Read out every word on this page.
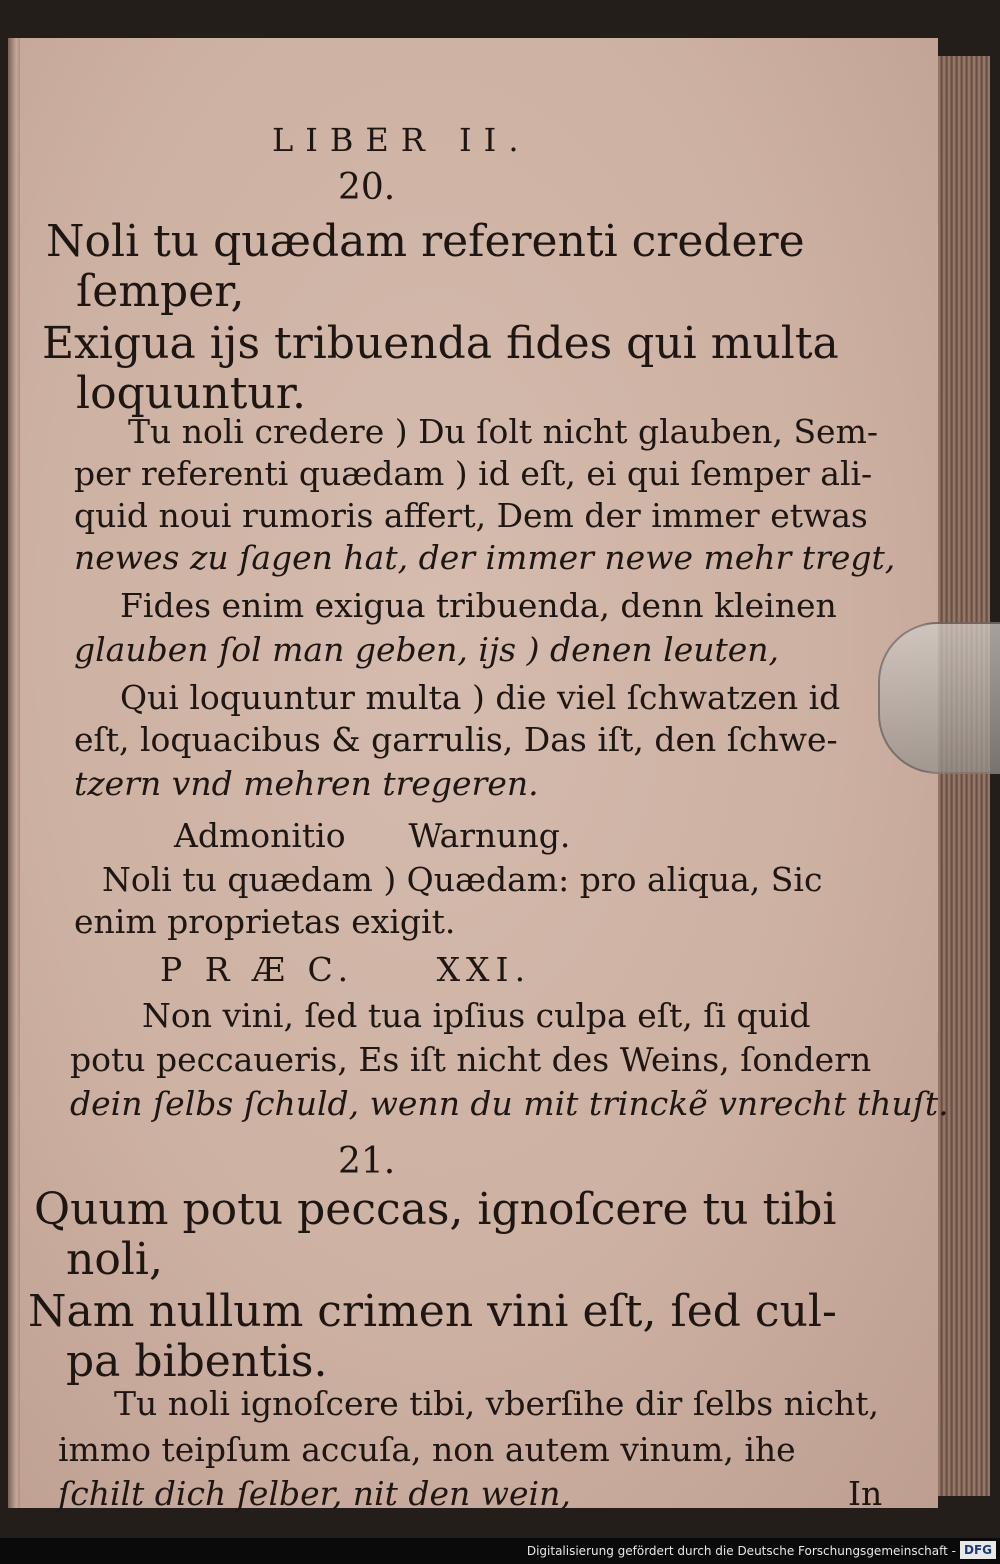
LIBER II.
20.
Noli tu quædam referenti credere
ſemper,
Exigua ijs tribuenda fides qui multa
loquuntur.
Tu noli credere ) Du ſolt nicht glauben, Sem-
per referenti quædam ) id eſt, ei qui ſemper ali-
quid noui rumoris affert, Dem der immer etwas
newes zu ſagen hat, der immer newe mehr tregt,
Fides enim exigua tribuenda, denn kleinen
glauben ſol man geben, ijs ) denen leuten,
Qui loquuntur multa ) die viel ſchwatzen id
eſt, loquacibus & garrulis, Das iſt, den ſchwe-
tzern vnd mehren tregeren.
Admonitio      Warnung.
Noli tu quædam ) Quædam: pro aliqua, Sic
enim proprietas exigit.
P R Æ C.     XXI.
Non vini, ſed tua ipſius culpa eſt, ſi quid
potu peccaueris, Es iſt nicht des Weins, ſondern
dein ſelbs ſchuld, wenn du mit trinckẽ vnrecht thuſt.
21.
Quum potu peccas, ignoſcere tu tibi
noli,
Nam nullum crimen vini eſt, ſed cul-
pa bibentis.
Tu noli ignoſcere tibi, vberſihe dir ſelbs nicht,
immo teipſum accuſa, non autem vinum, ihe
ſchilt dich ſelber, nit den wein,	In
Digitalisierung gefördert durch die Deutsche Forschungsgemeinschaft - DFG
